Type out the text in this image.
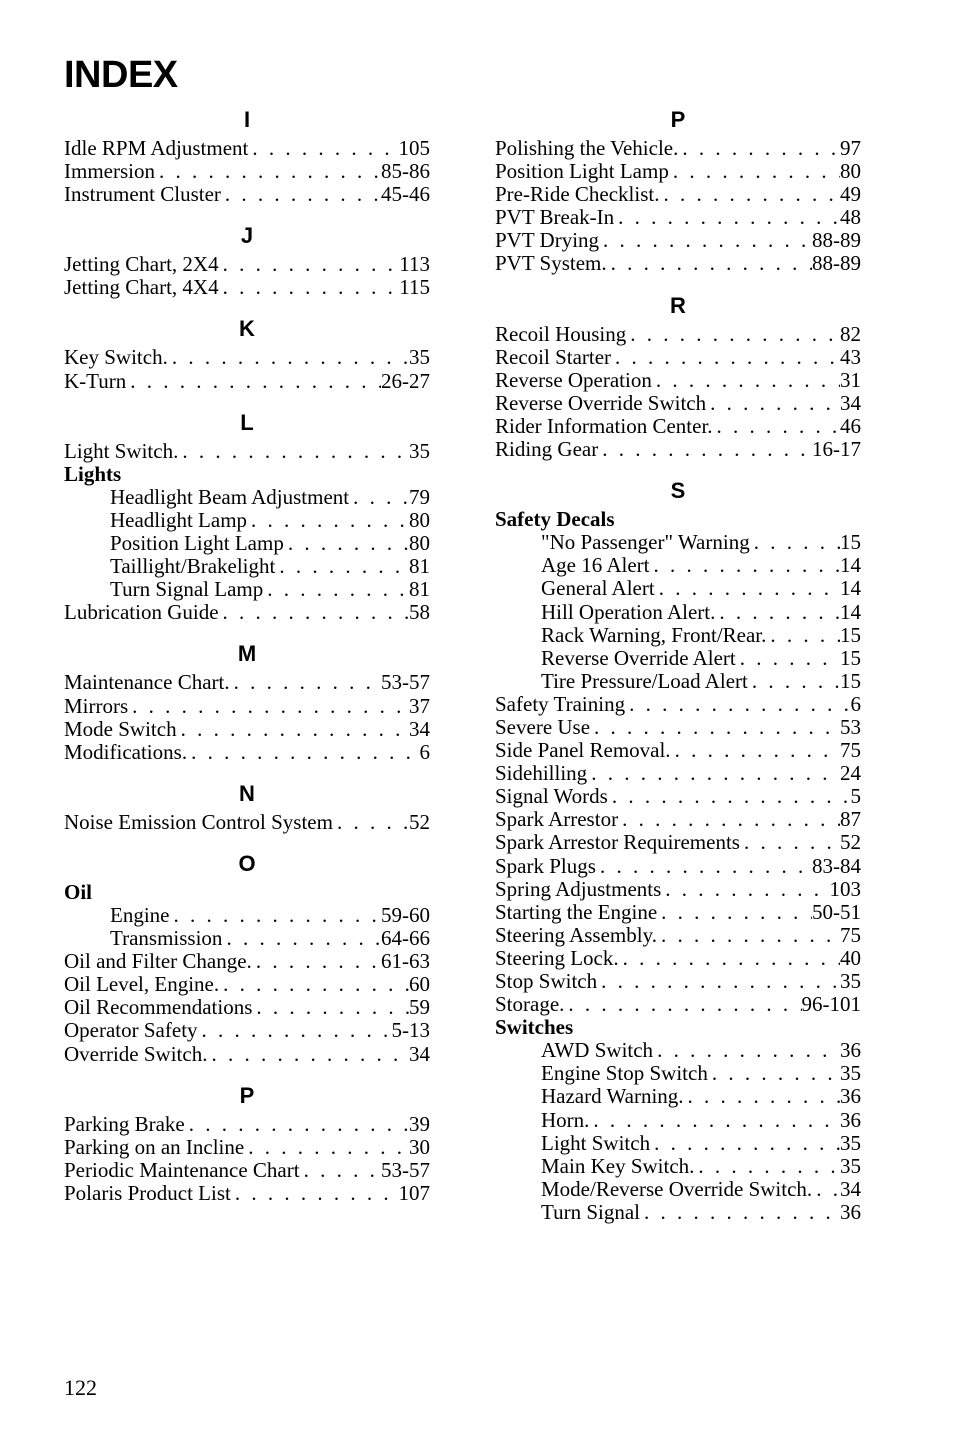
INDEX
I
Idle RPM Adjustment . . .	105
Immersion . . .	85-86
Instrument Cluster . . .	45-46
J
Jetting Chart, 2X4 . . .	113
Jetting Chart, 4X4 . . .	115
K
Key Switch. . . .	35
K-Turn . . .	26-27
L
Light Switch. . . .	35
Lights
Headlight Beam Adjustment . . .	79
Headlight Lamp . . .	80
Position Light Lamp . . .	80
Taillight/Brakelight . . .	81
Turn Signal Lamp . . .	81
Lubrication Guide . . .	58
M
Maintenance Chart. . . .	53-57
Mirrors . . .	37
Mode Switch . . .	34
Modifications. . . .	6
N
Noise Emission Control System . . .	52
O
Oil
Engine . . .	59-60
Transmission . . .	64-66
Oil and Filter Change. . . .	61-63
Oil Level, Engine. . . .	60
Oil Recommendations . . .	59
Operator Safety . . .	5-13
Override Switch. . . .	34
P
Parking Brake . . .	39
Parking on an Incline . . .	30
Periodic Maintenance Chart . . .	53-57
Polaris Product List . . .	107
P
Polishing the Vehicle. . . .	97
Position Light Lamp . . .	80
Pre-Ride Checklist. . . .	49
PVT Break-In . . .	48
PVT Drying . . .	88-89
PVT System. . . .	88-89
R
Recoil Housing . . .	82
Recoil Starter . . .	43
Reverse Operation . . .	31
Reverse Override Switch . . .	34
Rider Information Center. . . .	46
Riding Gear . . .	16-17
S
Safety Decals
"No Passenger" Warning . . .	15
Age 16 Alert . . .	14
General Alert . . .	14
Hill Operation Alert. . . .	14
Rack Warning, Front/Rear. . . .	15
Reverse Override Alert . . .	15
Tire Pressure/Load Alert . . .	15
Safety Training . . .	6
Severe Use . . .	53
Side Panel Removal. . . .	75
Sidehilling . . .	24
Signal Words . . .	5
Spark Arrestor . . .	87
Spark Arrestor Requirements . . .	52
Spark Plugs . . .	83-84
Spring Adjustments . . .	103
Starting the Engine . . .	50-51
Steering Assembly. . . .	75
Steering Lock. . . .	40
Stop Switch . . .	35
Storage. . . .	96-101
Switches
AWD Switch . . .	36
Engine Stop Switch . . .	35
Hazard Warning. . . .	36
Horn. . . .	36
Light Switch . . .	35
Main Key Switch. . . .	35
Mode/Reverse Override Switch. . . . 34
Turn Signal . . .	36
122
